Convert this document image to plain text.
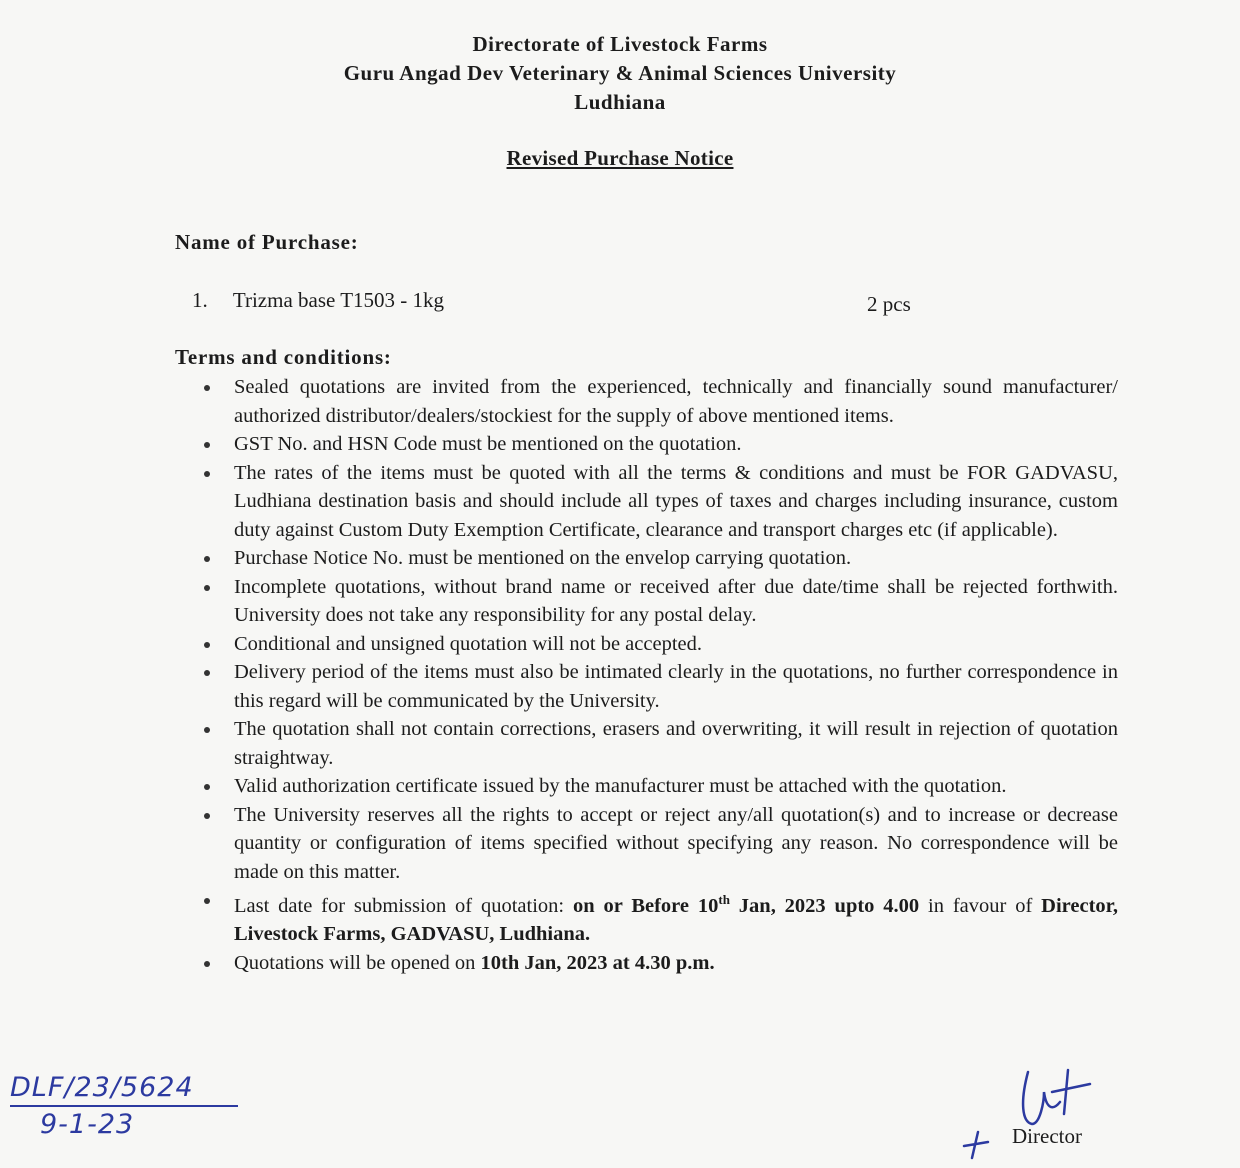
Directorate of Livestock Farms
Guru Angad Dev Veterinary & Animal Sciences University
Ludhiana
Revised Purchase Notice
Name of Purchase:
1. Trizma base T1503 - 1kg	2 pcs
Terms and conditions:
Sealed quotations are invited from the experienced, technically and financially sound manufacturer/ authorized distributor/dealers/stockiest for the supply of above mentioned items.
GST No. and HSN Code must be mentioned on the quotation.
The rates of the items must be quoted with all the terms & conditions and must be FOR GADVASU, Ludhiana destination basis and should include all types of taxes and charges including insurance, custom duty against Custom Duty Exemption Certificate, clearance and transport charges etc (if applicable).
Purchase Notice No. must be mentioned on the envelop carrying quotation.
Incomplete quotations, without brand name or received after due date/time shall be rejected forthwith. University does not take any responsibility for any postal delay.
Conditional and unsigned quotation will not be accepted.
Delivery period of the items must also be intimated clearly in the quotations, no further correspondence in this regard will be communicated by the University.
The quotation shall not contain corrections, erasers and overwriting, it will result in rejection of quotation straightway.
Valid authorization certificate issued by the manufacturer must be attached with the quotation.
The University reserves all the rights to accept or reject any/all quotation(s) and to increase or decrease quantity or configuration of items specified without specifying any reason. No correspondence will be made on this matter.
Last date for submission of quotation: on or Before 10th Jan, 2023 upto 4.00 in favour of Director, Livestock Farms, GADVASU, Ludhiana.
Quotations will be opened on 10th Jan, 2023 at 4.30 p.m.
DLF/23/5624
9-1-23	Director
